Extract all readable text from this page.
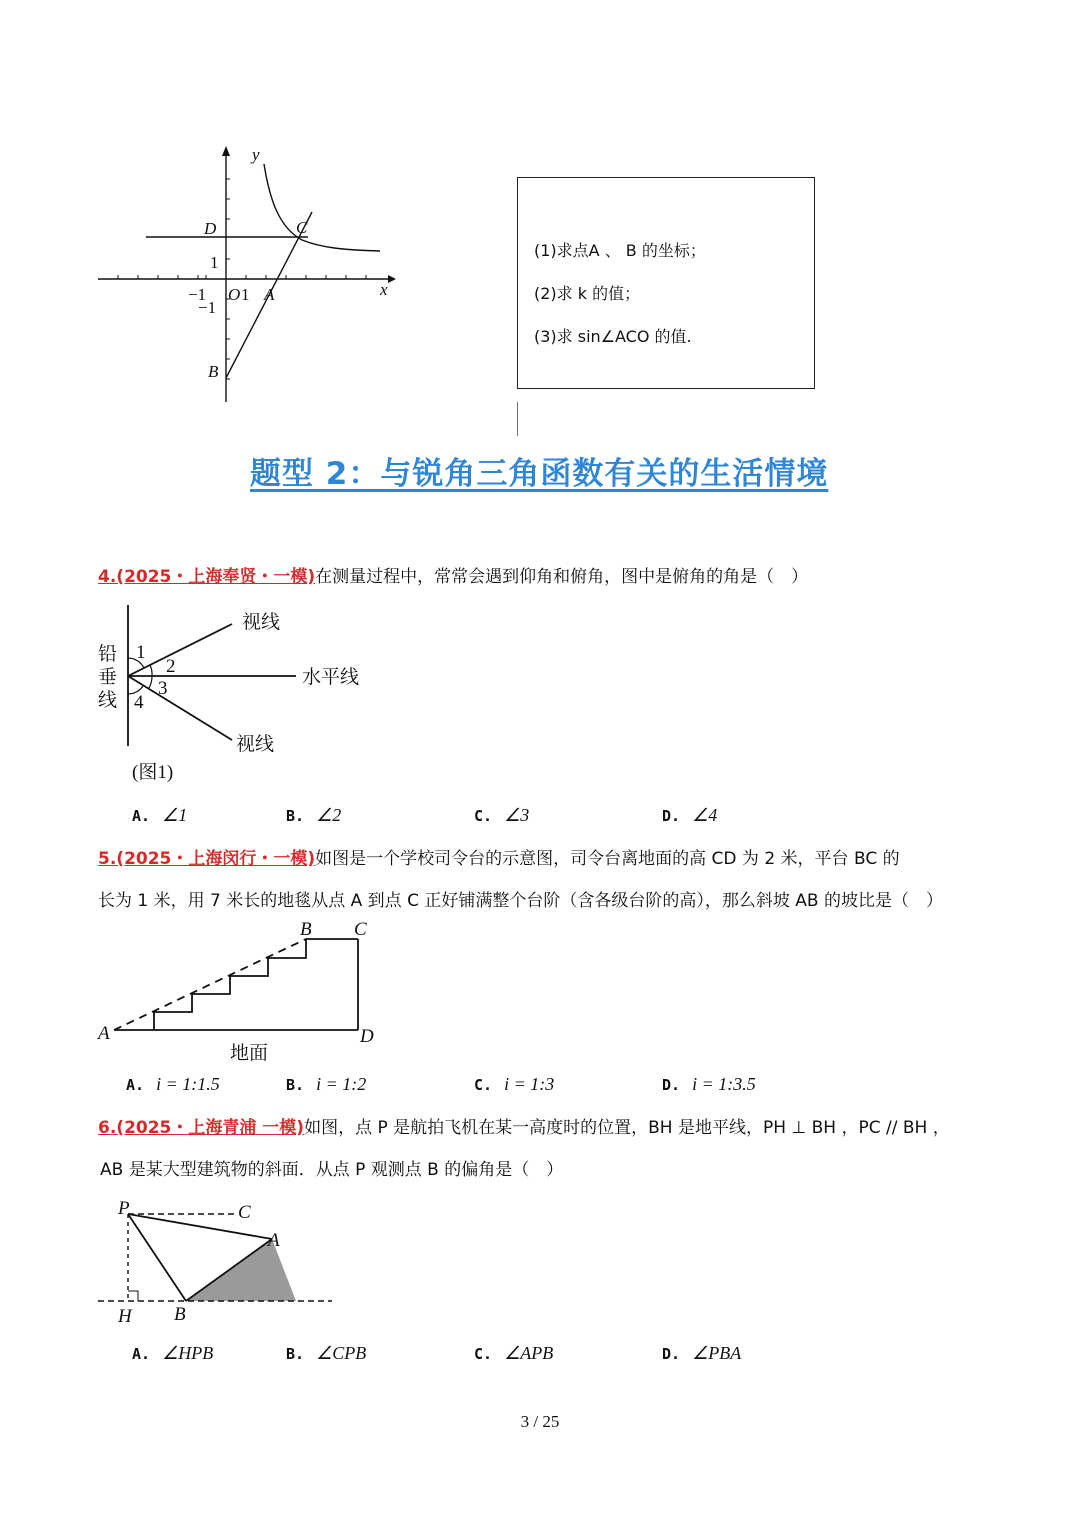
y
x
D	C
1
−1 O 1 A
−1
B
(1)求点A 、 B 的坐标；
(2)求 k 的值；
(3)求 sin∠ACO 的值.
题型 2：与锐角三角函数有关的生活情境
4.(2025・上海奉贤・一模)在测量过程中，常常会遇到仰角和俯角，图中是俯角的角是（　）
1
2
3
4
(图1)
视线
水平线
视线
铅
垂
线
A. ∠1	B. ∠2	C. ∠3	D. ∠4
5.(2025・上海闵行・一模)如图是一个学校司令台的示意图，司令台离地面的高 CD 为 2 米，平台 BC 的
长为 1 米，用 7 米长的地毯从点 A 到点 C 正好铺满整个台阶（含各级台阶的高），那么斜坡 AB 的坡比是（　）
A
B C
D
地面
A. i = 1:1.5	B. i = 1:2	C. i = 1:3	D. i = 1:3.5
6.(2025・上海青浦 一模)如图，点 P 是航拍飞机在某一高度时的位置，BH 是地平线，PH ⊥ BH ，PC // BH ，
AB 是某大型建筑物的斜面．从点 P 观测点 B 的偏角是（　）
P	C
A
H B
A. ∠HPB	B. ∠CPB	C. ∠APB	D. ∠PBA
3 / 25
